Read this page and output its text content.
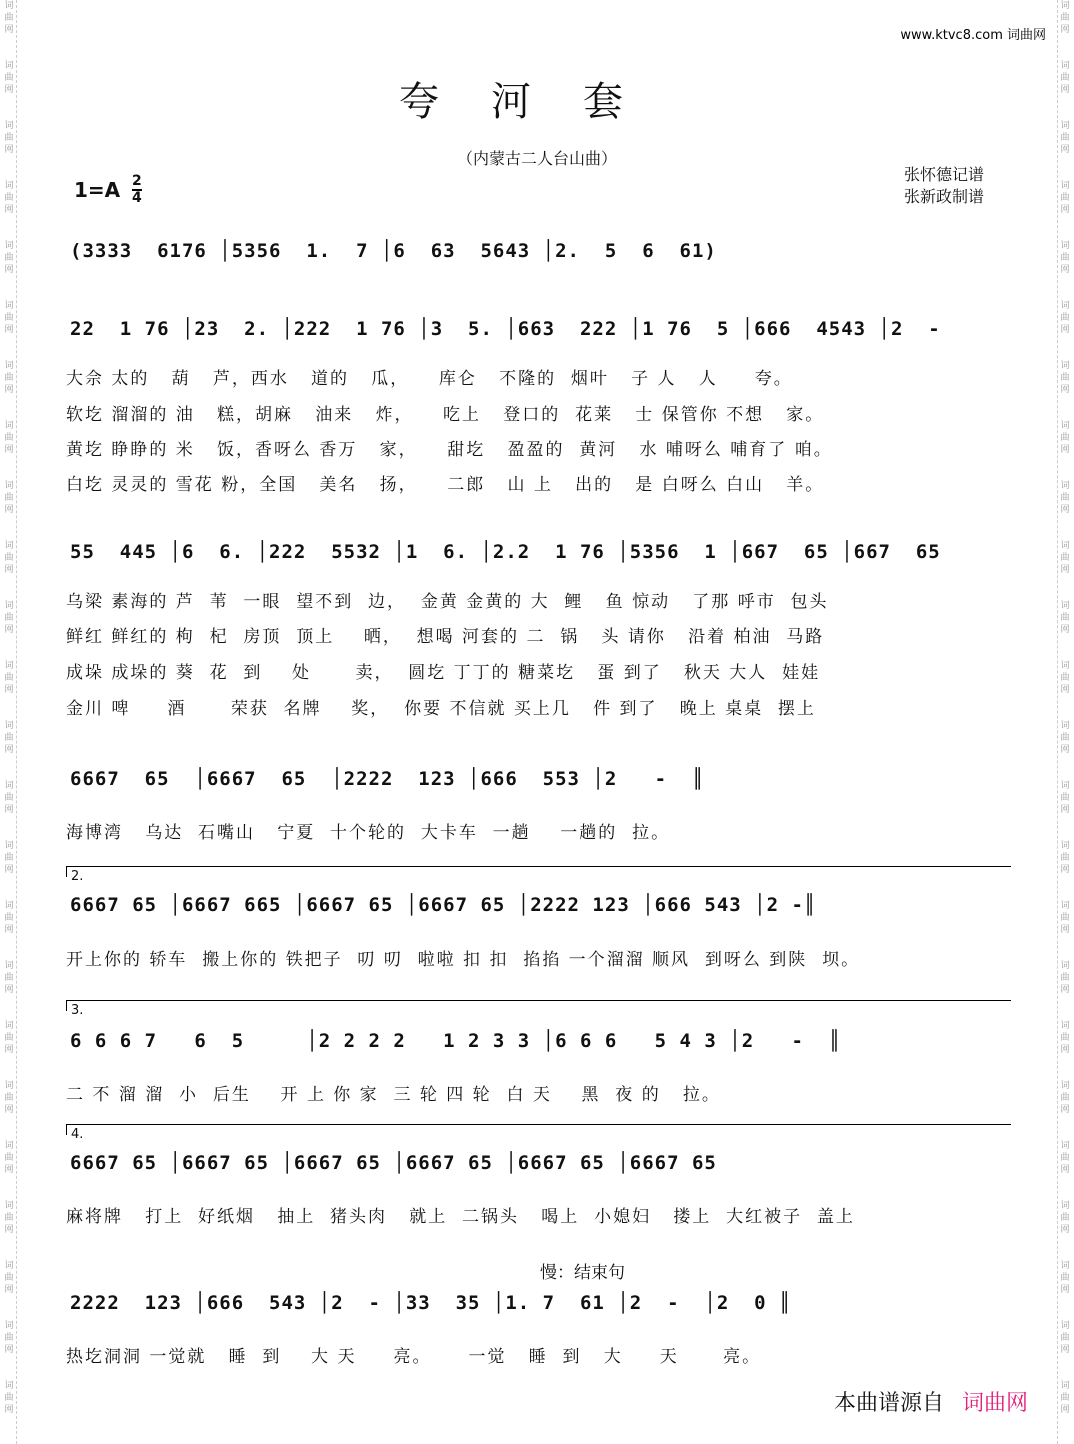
词曲网
词曲网
词曲网
词曲网
词曲网
词曲网
词曲网
词曲网
词曲网
词曲网
词曲网
词曲网
词曲网
词曲网
词曲网
词曲网
词曲网
词曲网
词曲网
词曲网
词曲网
词曲网
词曲网
词曲网
词曲网
词曲网
词曲网
词曲网
词曲网
词曲网
词曲网
词曲网
词曲网
词曲网
词曲网
词曲网
词曲网
词曲网
词曲网
词曲网
词曲网
词曲网
词曲网
词曲网
词曲网
词曲网
词曲网
词曲网
www.ktvc8.com 词曲网
夸河套
（内蒙古二人台山曲）
1=A 2
4
张怀德记谱
张新政制谱
(3333  6176 │5356  1.  7 │6  63  5643 │2.  5  6  61)
22  1 76 │23  2. │222  1 76 │3  5. │663  222 │1 76  5 │666  4543 │2  -
大佘 太的   葫   芦，西水   道的   瓜，    库仑   不隆的  烟叶   子 人   人     夸。
软圪 溜溜的 油   糕，胡麻   油来   炸，    吃上   登口的  花莱   士 保管你 不想   家。
黄圪 睁睁的 米   饭，香呀么 香万   家，    甜圪   盈盈的  黄河   水 哺呀么 哺育了 咱。
白圪 灵灵的 雪花 粉，全国   美名   扬，    二郎   山 上   出的   是 白呀么 白山   羊。
55  445 │6  6. │222  5532 │1  6. │2.2  1 76 │5356  1 │667  65 │667  65
乌梁 素海的 芦  苇  一眼  望不到  边，  金黄 金黄的 大  鲤   鱼 惊动   了那 呼市  包头
鲜红 鲜红的 枸  杞  房顶  顶上    晒，  想喝 河套的 二  锅   头 请你   沿着 柏油  马路
成垛 成垛的 葵  花  到    处      卖，  圆圪 丁丁的 糖菜圪   蛋 到了   秋天 大人  娃娃
金川 啤     酒      荣获  名牌    奖，  你要 不信就 买上几   件 到了   晚上 桌桌  摆上
6667  65  │6667  65  │2222  123 │666  553 │2   -  ║
海博湾   乌达  石嘴山   宁夏  十个轮的  大卡车  一趟    一趟的  拉。
2.
6667 65 │6667 665 │6667 65 │6667 65 │2222 123 │666 543 │2 -║
开上你的 轿车  搬上你的 铁把子  叨 叨  啦啦 扣 扣  掐掐 一个溜溜 顺风  到呀么 到陕  坝。
3.
6 6 6 7   6  5     │2 2 2 2   1 2 3 3 │6 6 6   5 4 3 │2   -  ║
二 不 溜 溜  小  后生    开 上 你 家  三 轮 四 轮  白 天    黑  夜 的   拉。
4.
6667 65 │6667 65 │6667 65 │6667 65 │6667 65 │6667 65
麻将牌   打上  好纸烟   抽上  猪头肉   就上  二锅头   喝上  小媳妇   搂上  大红被子  盖上
慢：结束句
2222  123 │666  543 │2  - │33  35 │1. 7  61 │2  -  │2  0 ║
热圪洞洞 一觉就   睡  到    大 天     亮。     一觉   睡  到   大     天      亮。
本曲谱源自 词曲网
